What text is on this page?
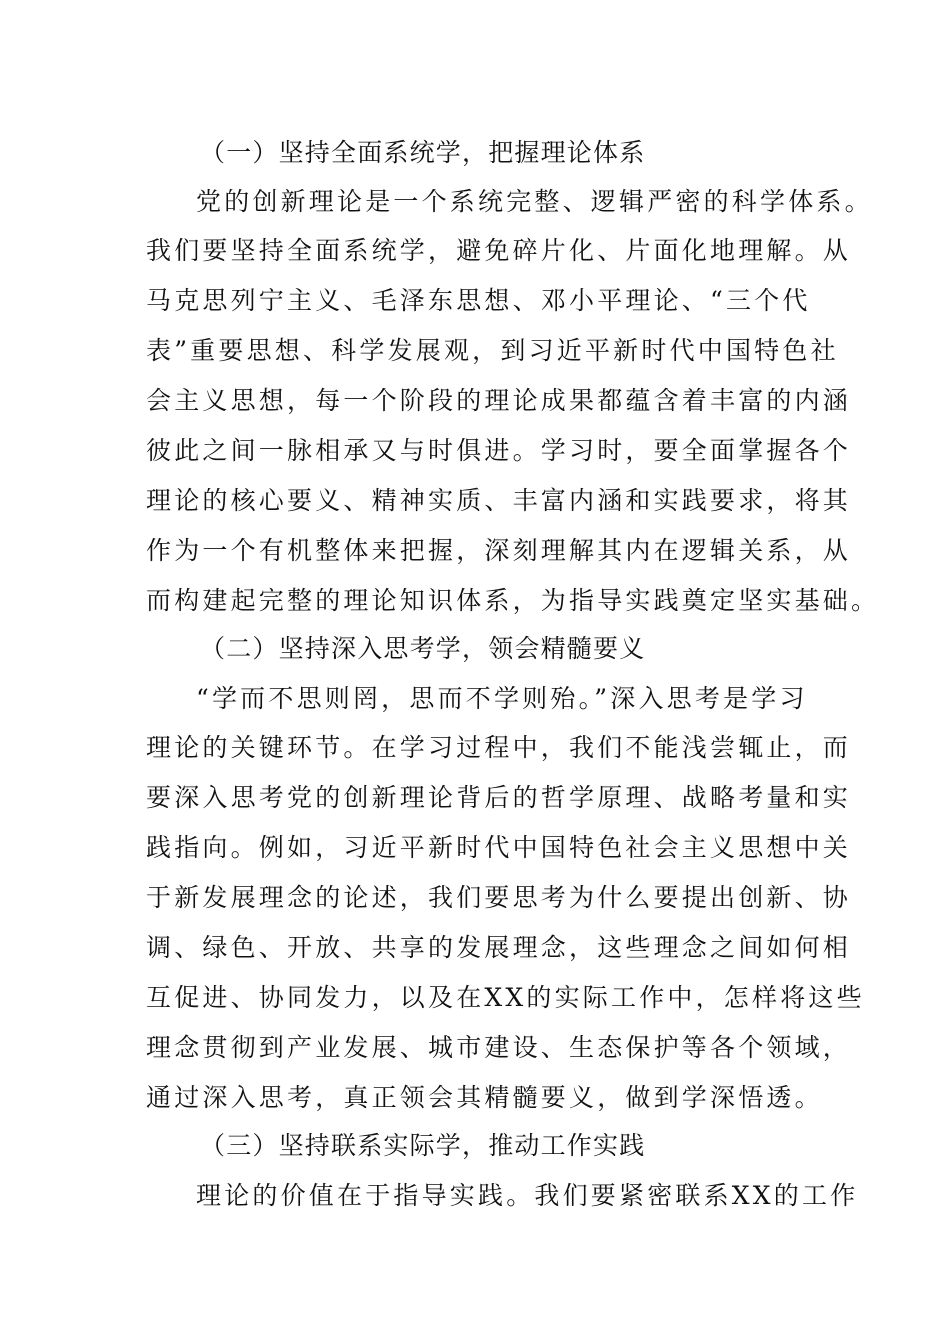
（一）坚持全面系统学，把握理论体系
党的创新理论是一个系统完整、逻辑严密的科学体系。
我们要坚持全面系统学，避免碎片化、片面化地理解。从
马克思列宁主义、毛泽东思想、邓小平理论、“三个代
表”重要思想、科学发展观，到习近平新时代中国特色社
会主义思想，每一个阶段的理论成果都蕴含着丰富的内涵
彼此之间一脉相承又与时俱进。学习时，要全面掌握各个
理论的核心要义、精神实质、丰富内涵和实践要求，将其
作为一个有机整体来把握，深刻理解其内在逻辑关系，从
而构建起完整的理论知识体系，为指导实践奠定坚实基础。
（二）坚持深入思考学，领会精髓要义
“学而不思则罔，思而不学则殆。”深入思考是学习
理论的关键环节。在学习过程中，我们不能浅尝辄止，而
要深入思考党的创新理论背后的哲学原理、战略考量和实
践指向。例如，习近平新时代中国特色社会主义思想中关
于新发展理念的论述，我们要思考为什么要提出创新、协
调、绿色、开放、共享的发展理念，这些理念之间如何相
互促进、协同发力，以及在XX的实际工作中，怎样将这些
理念贯彻到产业发展、城市建设、生态保护等各个领域，
通过深入思考，真正领会其精髓要义，做到学深悟透。
（三）坚持联系实际学，推动工作实践
理论的价值在于指导实践。我们要紧密联系XX的工作
